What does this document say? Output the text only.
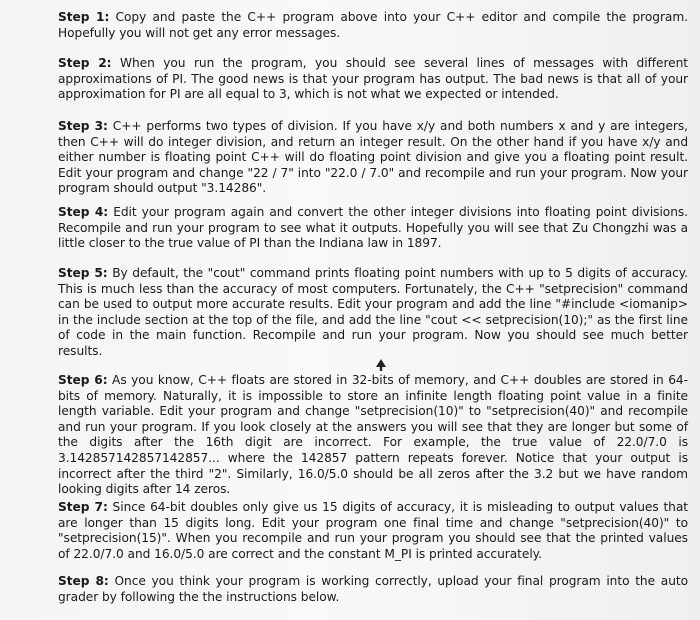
Step 1: Copy and paste the C++ program above into your C++ editor and compile the program. Hopefully you will not get any error messages.

Step 2: When you run the program, you should see several lines of messages with different approximations of PI. The good news is that your program has output. The bad news is that all of your approximation for PI are all equal to 3, which is not what we expected or intended.

Step 3: C++ performs two types of division. If you have x/y and both numbers x and y are integers, then C++ will do integer division, and return an integer result. On the other hand if you have x/y and either number is floating point C++ will do floating point division and give you a floating point result. Edit your program and change "22 / 7" into "22.0 / 7.0" and recompile and run your program. Now your program should output "3.14286".

Step 4: Edit your program again and convert the other integer divisions into floating point divisions. Recompile and run your program to see what it outputs. Hopefully you will see that Zu Chongzhi was a little closer to the true value of PI than the Indiana law in 1897.

Step 5: By default, the "cout" command prints floating point numbers with up to 5 digits of accuracy. This is much less than the accuracy of most computers. Fortunately, the C++ "setprecision" command can be used to output more accurate results. Edit your program and add the line "#include <iomanip> in the include section at the top of the file, and add the line "cout << setprecision(10);" as the first line of code in the main function. Recompile and run your program. Now you should see much better results.

Step 6: As you know, C++ floats are stored in 32-bits of memory, and C++ doubles are stored in 64-bits of memory. Naturally, it is impossible to store an infinite length floating point value in a finite length variable. Edit your program and change "setprecision(10)" to "setprecision(40)" and recompile and run your program. If you look closely at the answers you will see that they are longer but some of the digits after the 16th digit are incorrect. For example, the true value of 22.0/7.0 is 3.142857142857142857... where the 142857 pattern repeats forever. Notice that your output is incorrect after the third "2". Similarly, 16.0/5.0 should be all zeros after the 3.2 but we have random looking digits after 14 zeros.

Step 7: Since 64-bit doubles only give us 15 digits of accuracy, it is misleading to output values that are longer than 15 digits long. Edit your program one final time and change "setprecision(40)" to "setprecision(15)". When you recompile and run your program you should see that the printed values of 22.0/7.0 and 16.0/5.0 are correct and the constant M_PI is printed accurately.

Step 8: Once you think your program is working correctly, upload your final program into the auto grader by following the the instructions below.
